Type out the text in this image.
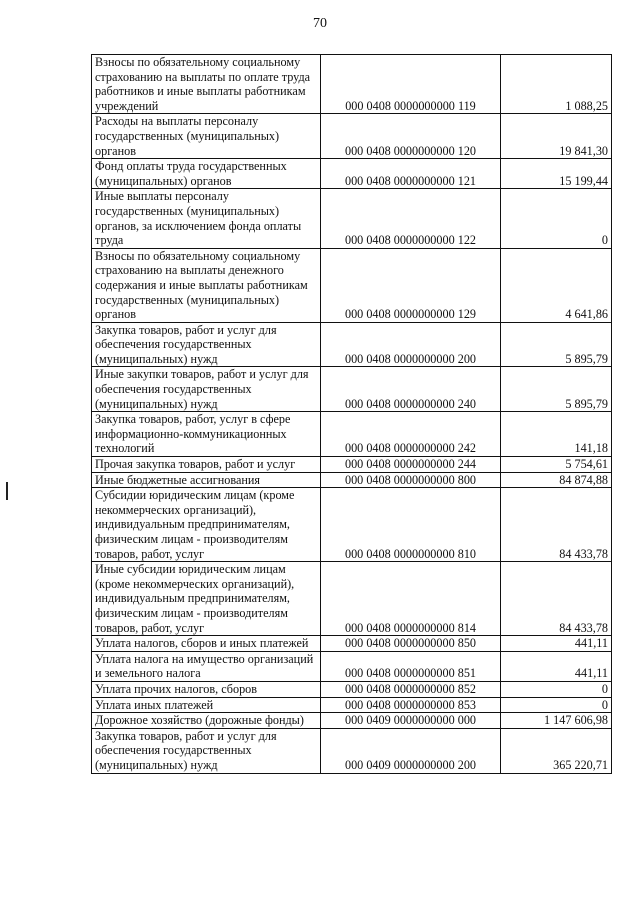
70
Взносы по обязательному социальному страхованию на выплаты по оплате труда работников и иные выплаты работникам учреждений	000 0408 0000000000 119	1 088,25
Расходы на выплаты персоналу государственных (муниципальных) органов	000 0408 0000000000 120	19 841,30
Фонд оплаты труда государственных (муниципальных) органов	000 0408 0000000000 121	15 199,44
Иные выплаты персоналу государственных (муниципальных) органов, за исключением фонда оплаты труда	000 0408 0000000000 122	0
Взносы по обязательному социальному страхованию на выплаты денежного содержания и иные выплаты работникам государственных (муниципальных) органов	000 0408 0000000000 129	4 641,86
Закупка товаров, работ и услуг для обеспечения государственных (муниципальных) нужд	000 0408 0000000000 200	5 895,79
Иные закупки товаров, работ и услуг для обеспечения государственных (муниципальных) нужд	000 0408 0000000000 240	5 895,79
Закупка товаров, работ, услуг в сфере информационно-коммуникационных технологий	000 0408 0000000000 242	141,18
Прочая закупка товаров, работ и услуг	000 0408 0000000000 244	5 754,61
Иные бюджетные ассигнования	000 0408 0000000000 800	84 874,88
Субсидии юридическим лицам (кроме некоммерческих организаций), индивидуальным предпринимателям, физическим лицам - производителям товаров, работ, услуг	000 0408 0000000000 810	84 433,78
Иные субсидии юридическим лицам (кроме некоммерческих организаций), индивидуальным предпринимателям, физическим лицам - производителям товаров, работ, услуг	000 0408 0000000000 814	84 433,78
Уплата налогов, сборов и иных платежей	000 0408 0000000000 850	441,11
Уплата налога на имущество организаций и земельного налога	000 0408 0000000000 851	441,11
Уплата прочих налогов, сборов	000 0408 0000000000 852	0
Уплата иных платежей	000 0408 0000000000 853	0
Дорожное хозяйство (дорожные фонды)	000 0409 0000000000 000	1 147 606,98
Закупка товаров, работ и услуг для обеспечения государственных (муниципальных) нужд	000 0409 0000000000 200	365 220,71
